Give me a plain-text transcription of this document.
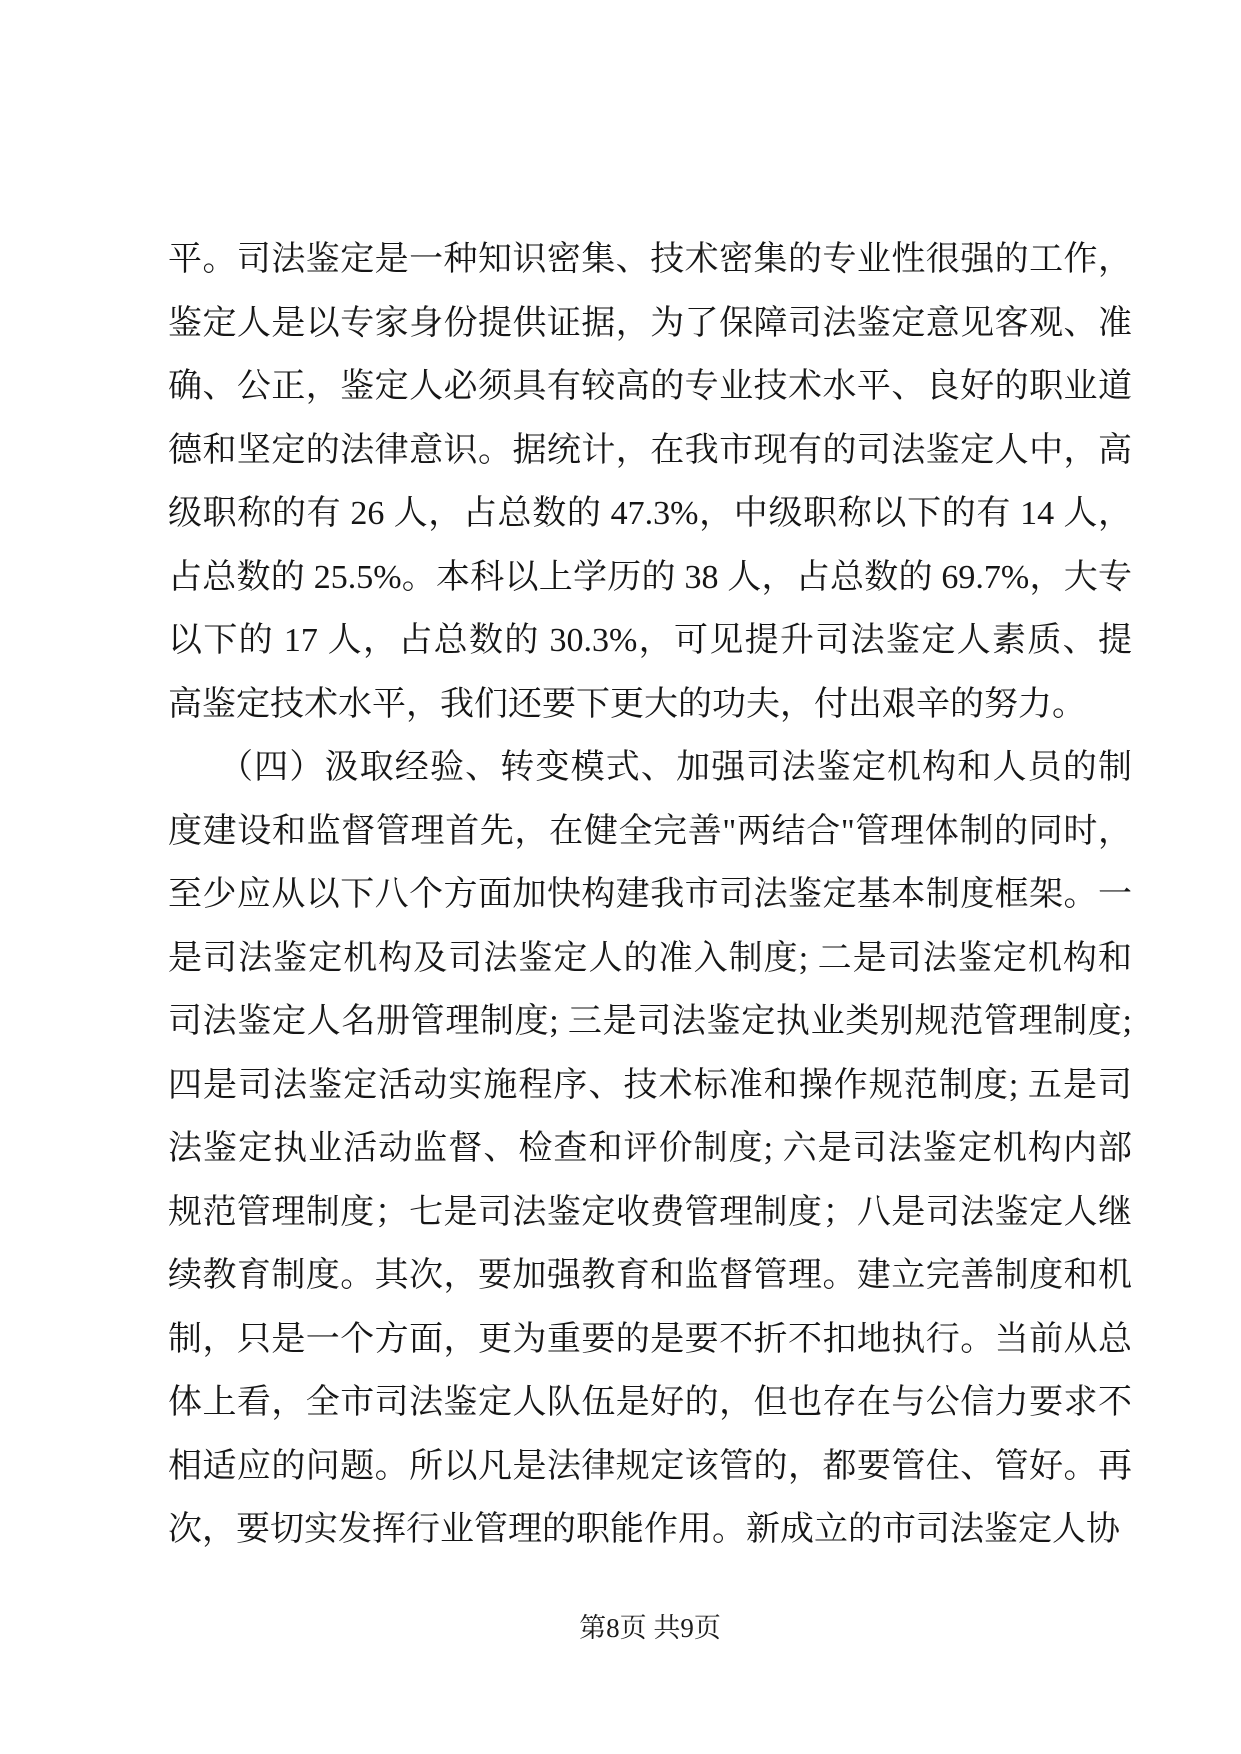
平。司法鉴定是一种知识密集、技术密集的专业性很强的工作，
鉴定人是以专家身份提供证据，为了保障司法鉴定意见客观、准
确、公正，鉴定人必须具有较高的专业技术水平、良好的职业道
德和坚定的法律意识。据统计，在我市现有的司法鉴定人中，高
级职称的有 26 人，占总数的 47.3%，中级职称以下的有 14 人，
占总数的 25.5%。本科以上学历的 38 人，占总数的 69.7%，大专
以下的 17 人，占总数的 30.3%，可见提升司法鉴定人素质、提
高鉴定技术水平，我们还要下更大的功夫，付出艰辛的努力。
（四）汲取经验、转变模式、加强司法鉴定机构和人员的制
度建设和监督管理首先，在健全完善"两结合"管理体制的同时，
至少应从以下八个方面加快构建我市司法鉴定基本制度框架。一
是司法鉴定机构及司法鉴定人的准入制度; 二是司法鉴定机构和
司法鉴定人名册管理制度; 三是司法鉴定执业类别规范管理制度;
四是司法鉴定活动实施程序、技术标准和操作规范制度; 五是司
法鉴定执业活动监督、检查和评价制度; 六是司法鉴定机构内部
规范管理制度；七是司法鉴定收费管理制度；八是司法鉴定人继
续教育制度。其次，要加强教育和监督管理。建立完善制度和机
制，只是一个方面，更为重要的是要不折不扣地执行。当前从总
体上看，全市司法鉴定人队伍是好的，但也存在与公信力要求不
相适应的问题。所以凡是法律规定该管的，都要管住、管好。再
次，要切实发挥行业管理的职能作用。新成立的市司法鉴定人协
第8页 共9页
